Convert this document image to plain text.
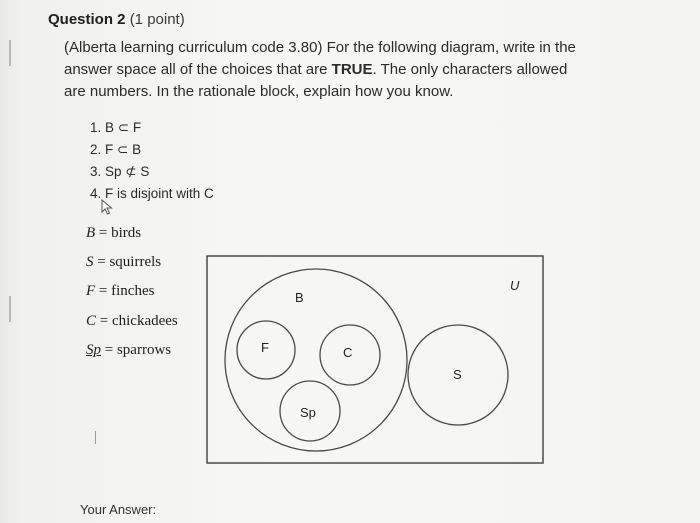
Question 2 (1 point)
(Alberta learning curriculum code 3.80) For the following diagram, write in the answer space all of the choices that are TRUE. The only characters allowed are numbers. In the rationale block, explain how you know.
1. B ⊂ F
2. F ⊂ B
3. Sp ⊄ S
4. F is disjoint with C
B = birds
S = squirrels
F = finches
C = chickadees
Sp = sparrows
U
B
F	C
Sp
S
Your Answer:
